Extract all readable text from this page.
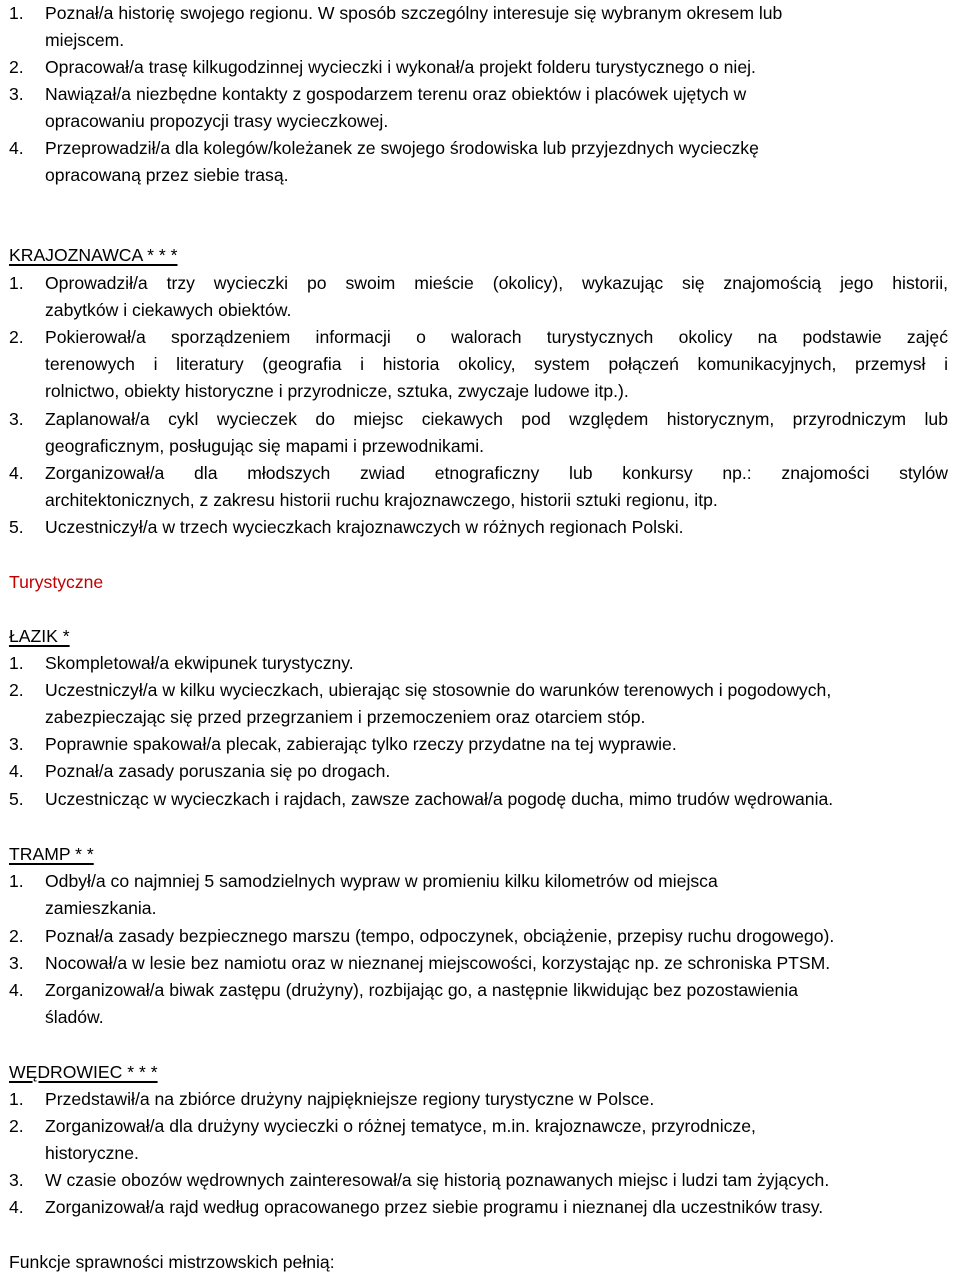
1. Poznał/a historię swojego regionu. W sposób szczególny interesuje się wybranym okresem lub
miejscem.
2. Opracował/a trasę kilkugodzinnej wycieczki i wykonał/a projekt folderu turystycznego o niej.
3. Nawiązał/a niezbędne kontakty z gospodarzem terenu oraz obiektów i placówek ujętych w
opracowaniu propozycji trasy wycieczkowej.
4. Przeprowadził/a dla kolegów/koleżanek ze swojego środowiska lub przyjezdnych wycieczkę
opracowaną przez siebie trasą.
KRAJOZNAWCA * * *
1. Oprowadził/a trzy wycieczki po swoim mieście (okolicy), wykazując się znajomością jego historii,
zabytków i ciekawych obiektów.
2. Pokierował/a sporządzeniem informacji o walorach turystycznych okolicy na podstawie zajęć
terenowych i literatury (geografia i historia okolicy, system połączeń komunikacyjnych, przemysł i
rolnictwo, obiekty historyczne i przyrodnicze, sztuka, zwyczaje ludowe itp.).
3. Zaplanował/a cykl wycieczek do miejsc ciekawych pod względem historycznym, przyrodniczym lub
geograficznym, posługując się mapami i przewodnikami.
4. Zorganizował/a dla młodszych zwiad etnograficzny lub konkursy np.: znajomości stylów
architektonicznych, z zakresu historii ruchu krajoznawczego, historii sztuki regionu, itp.
5. Uczestniczył/a w trzech wycieczkach krajoznawczych w różnych regionach Polski.
Turystyczne
ŁAZIK *
1. Skompletował/a ekwipunek turystyczny.
2. Uczestniczył/a w kilku wycieczkach, ubierając się stosownie do warunków terenowych i pogodowych,
zabezpieczając się przed przegrzaniem i przemoczeniem oraz otarciem stóp.
3. Poprawnie spakował/a plecak, zabierając tylko rzeczy przydatne na tej wyprawie.
4. Poznał/a zasady poruszania się po drogach.
5. Uczestnicząc w wycieczkach i rajdach, zawsze zachował/a pogodę ducha, mimo trudów wędrowania.
TRAMP * *
1. Odbył/a co najmniej 5 samodzielnych wypraw w promieniu kilku kilometrów od miejsca
zamieszkania.
2. Poznał/a zasady bezpiecznego marszu (tempo, odpoczynek, obciążenie, przepisy ruchu drogowego).
3. Nocował/a w lesie bez namiotu oraz w nieznanej miejscowości, korzystając np. ze schroniska PTSM.
4. Zorganizował/a biwak zastępu (drużyny), rozbijając go, a następnie likwidując bez pozostawienia
śladów.
WĘDROWIEC * * *
1. Przedstawił/a na zbiórce drużyny najpiękniejsze regiony turystyczne w Polsce.
2. Zorganizował/a dla drużyny wycieczki o różnej tematyce, m.in. krajoznawcze, przyrodnicze,
historyczne.
3. W czasie obozów wędrownych zainteresował/a się historią poznawanych miejsc i ludzi tam żyjących.
4. Zorganizował/a rajd według opracowanego przez siebie programu i nieznanej dla uczestników trasy.
Funkcje sprawności mistrzowskich pełnią:
